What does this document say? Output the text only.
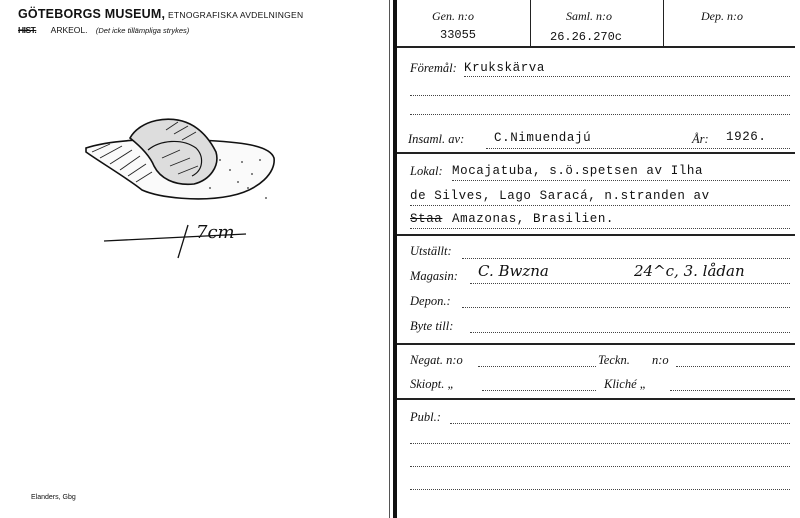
GÖTEBORGS MUSEUM, ETNOGRAFISKA AVDELNINGEN
HIST. ARKEOL. (Det icke tillämpliga strykes)
7cm
Elanders, Gbg
Gen. n:o
33055
Saml. n:o
26.26.270c
Dep. n:o
Föremål: Krukskärva
Insaml. av: C.Nimuendajú	År: 1926.
Lokal: Mocajatuba, s.ö.spetsen av Ilha
de Silves, Lago Saracá, n.stranden av
Staa Amazonas, Brasilien.
Utställt:
Magasin: C. Bwzna	24^c, 3. lådan
Depon.:
Byte till:
Negat. n:o	Teckn. n:o
Skiopt. „	Kliché „
Publ.:
